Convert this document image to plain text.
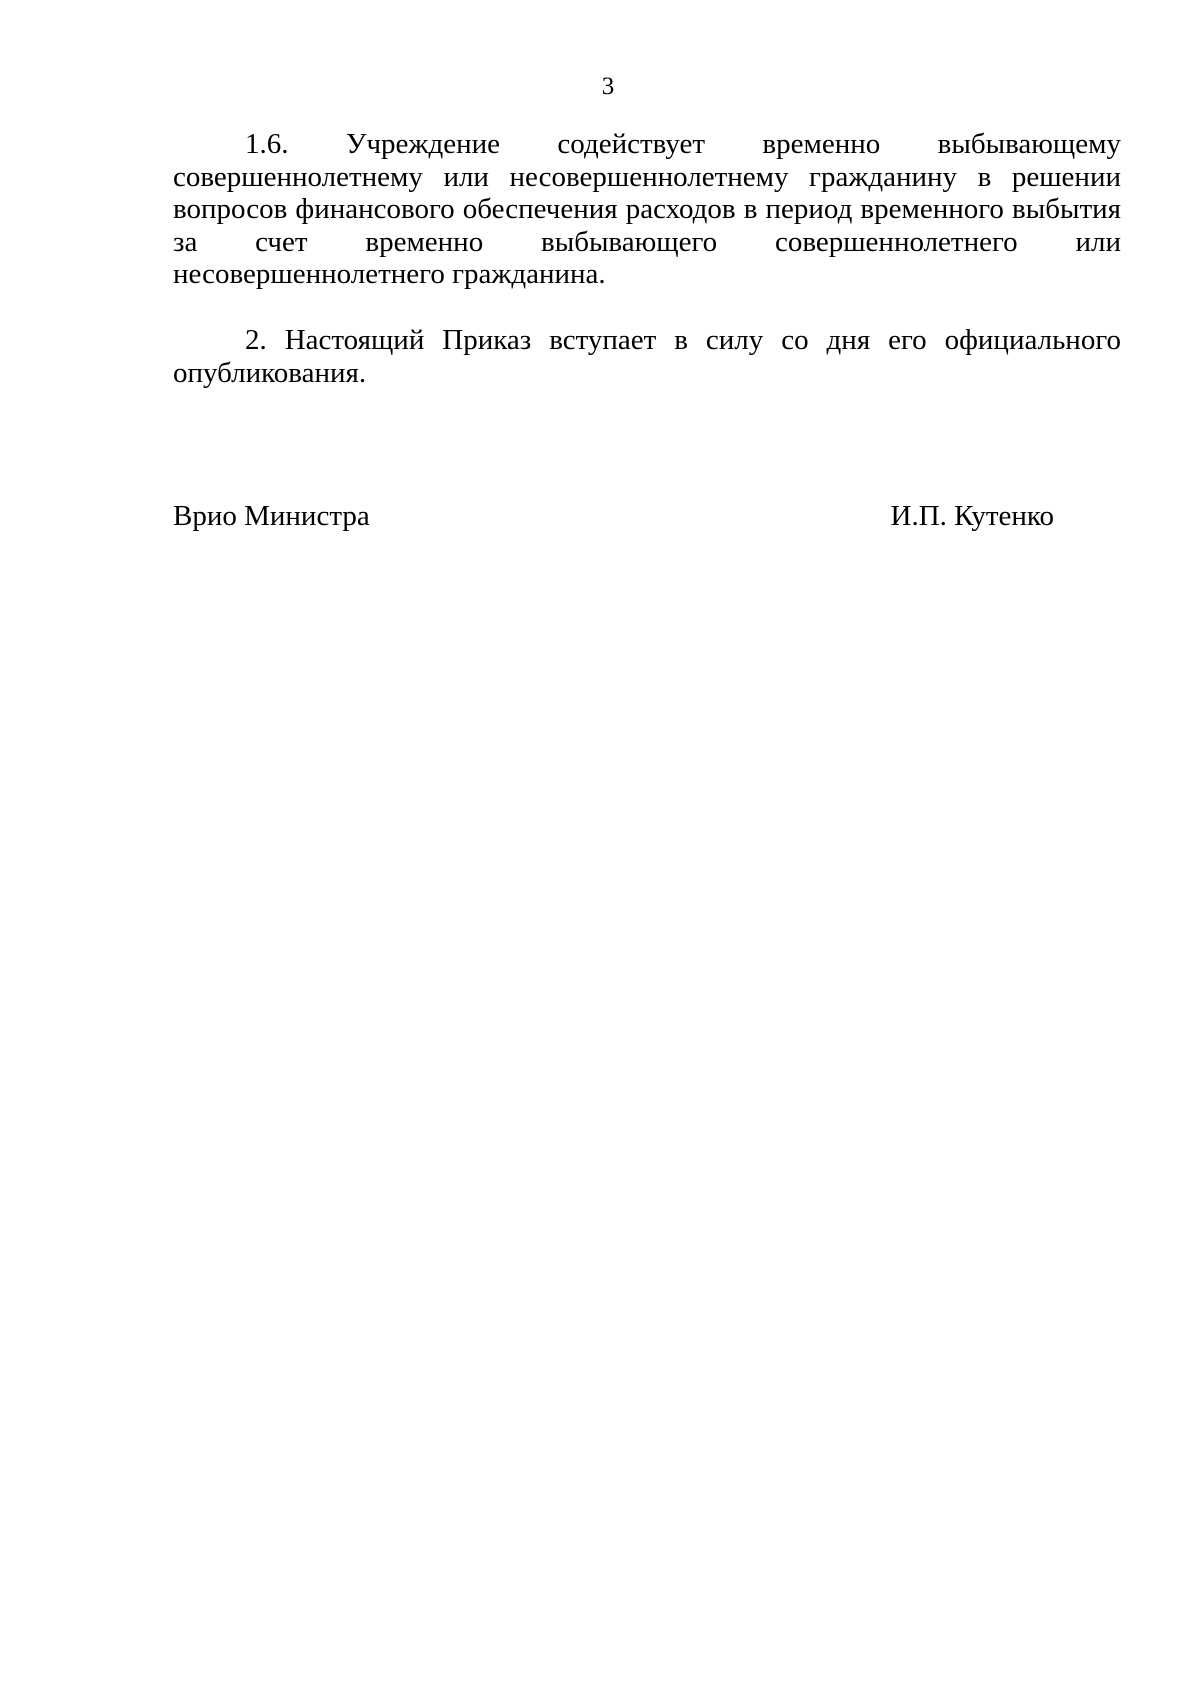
3

1.6. Учреждение содействует временно выбывающему совершеннолетнему или несовершеннолетнему гражданину в решении вопросов финансового обеспечения расходов в период временного выбытия за счет временно выбывающего совершеннолетнего или несовершеннолетнего гражданина.

2. Настоящий Приказ вступает в силу со дня его официального опубликования.

Врио Министра	И.П. Кутенко
